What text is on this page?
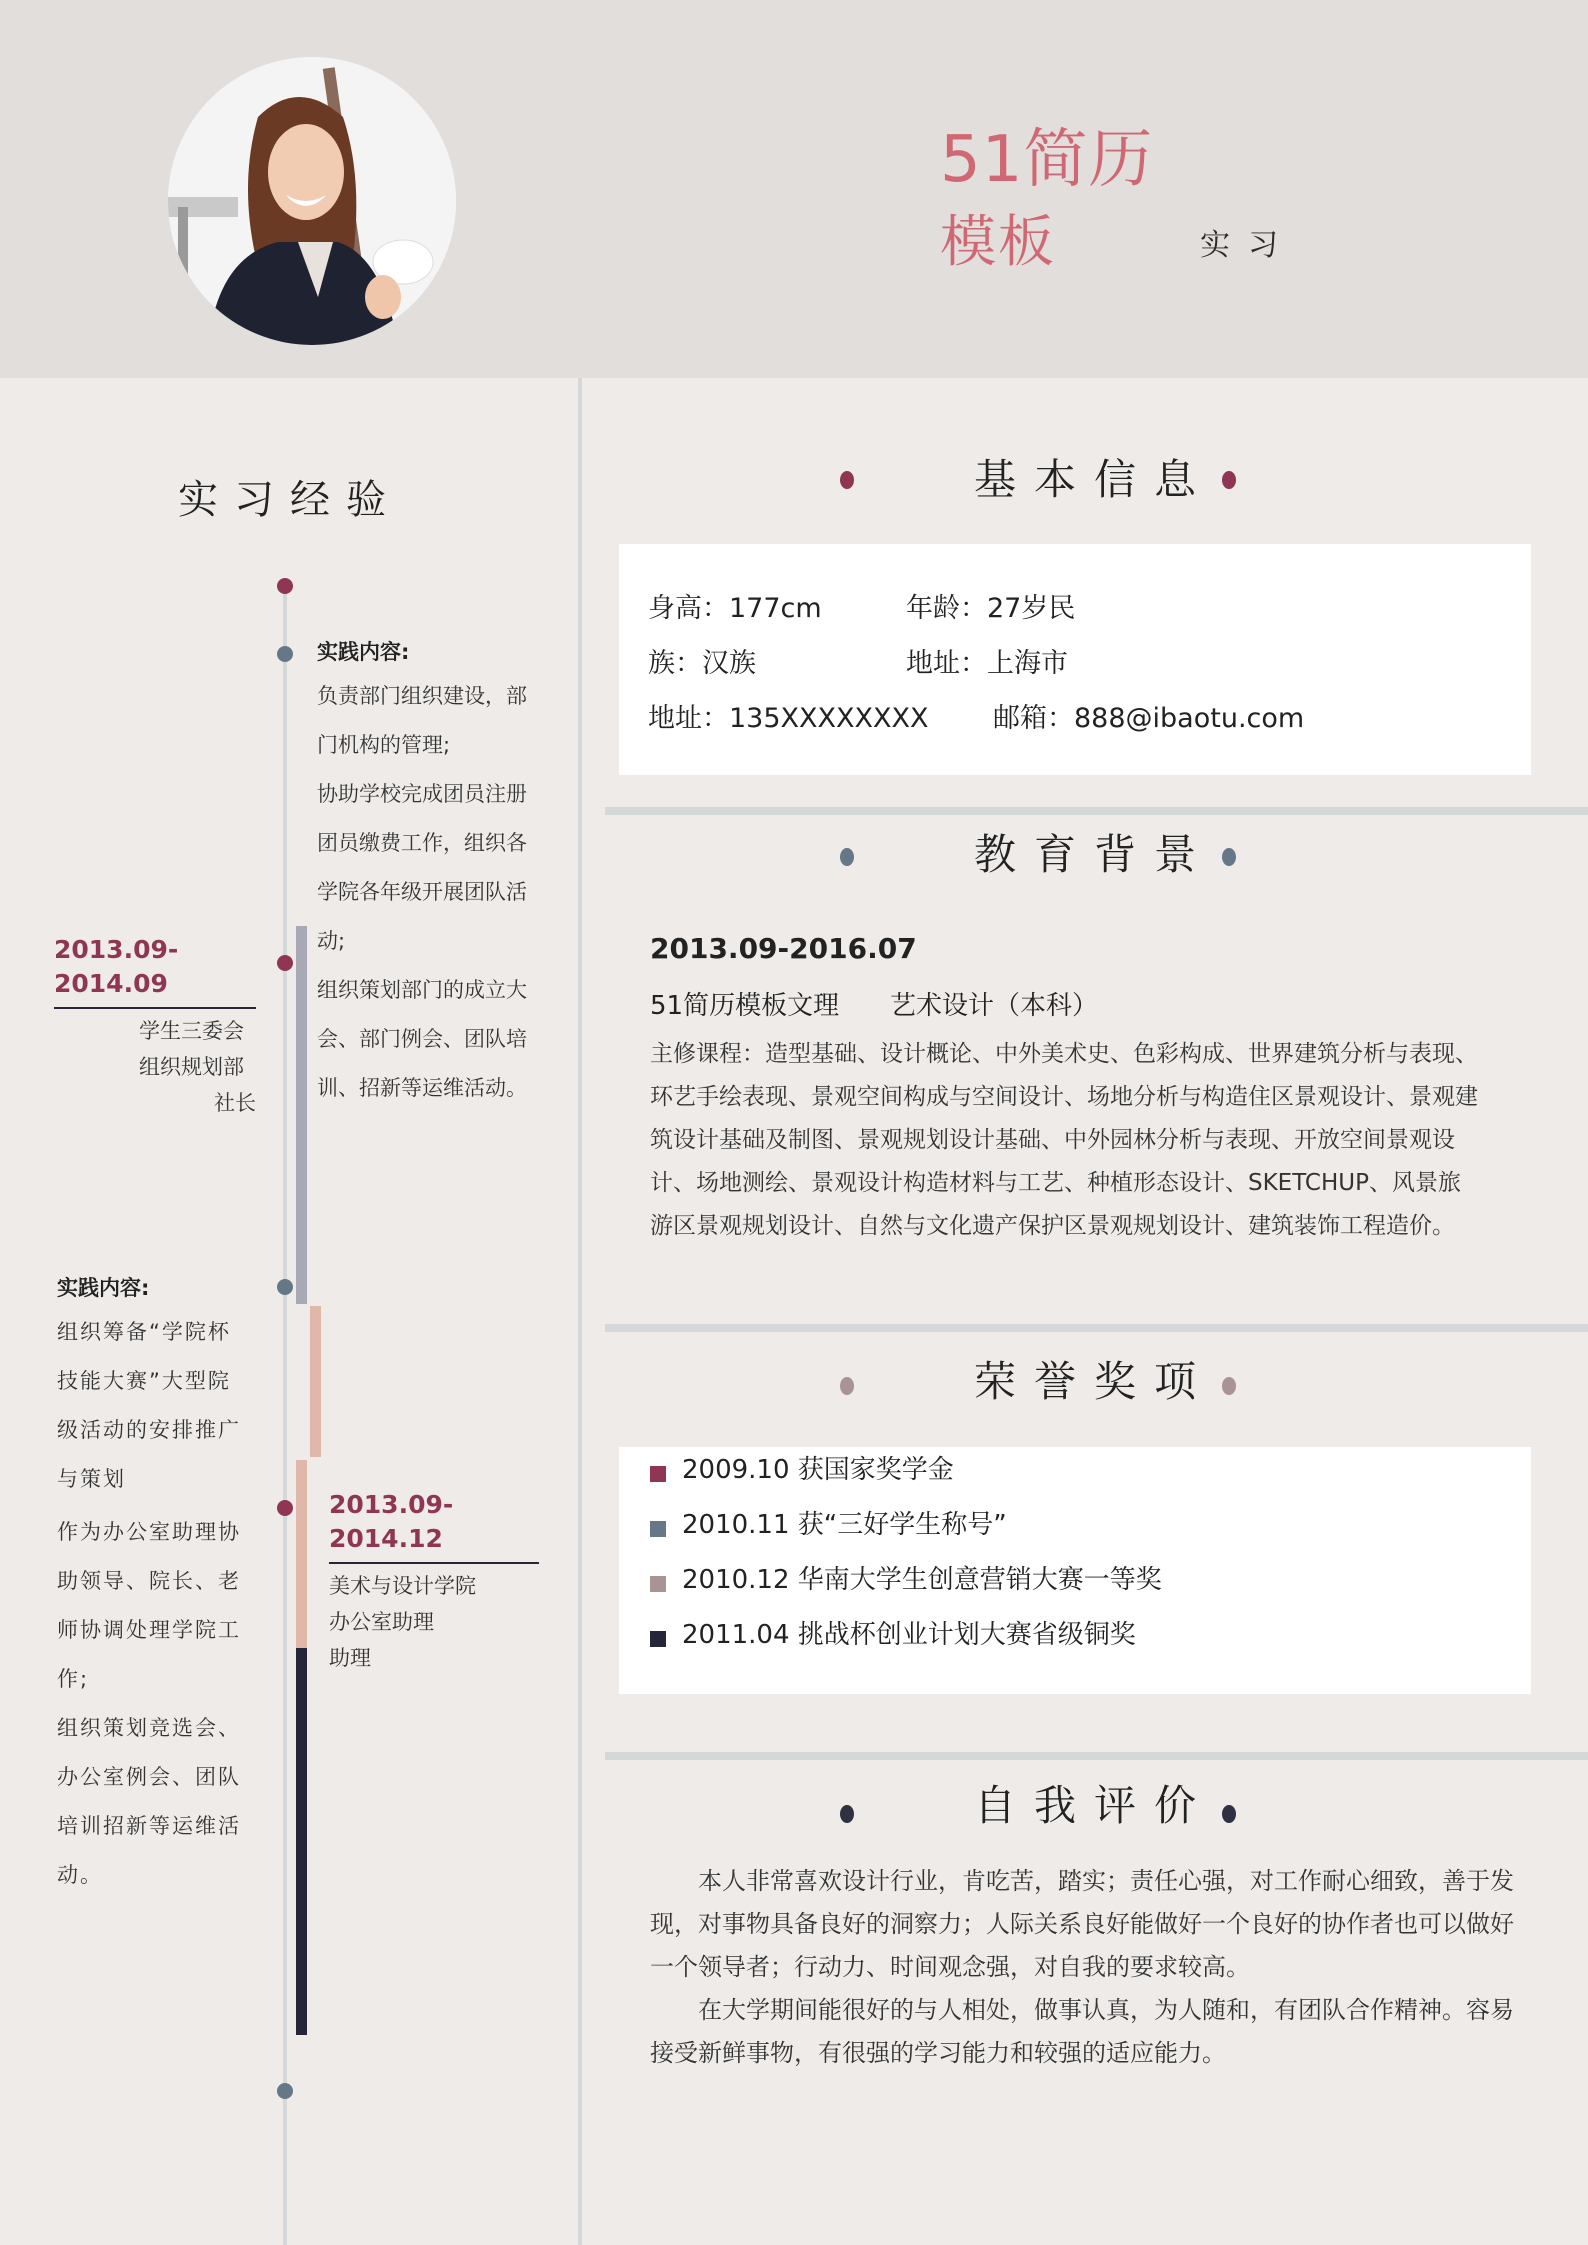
51简历
模板	实习
实习经验
实践内容:
负责部门组织建设，部
门机构的管理;
协助学校完成团员注册
团员缴费工作，组织各
学院各年级开展团队活
动;
组织策划部门的成立大
会、部门例会、团队培
训、招新等运维活动。
2013.09-2014.09
学生三委会
组织规划部
社长
实践内容:
组织筹备“学院杯
技能大赛”大型院
级活动的安排推广
与策划
作为办公室助理协
助领导、院长、老
师协调处理学院工
作;
组织策划竞选会、
办公室例会、团队
培训招新等运维活
动。
2013.09-2014.12
美术与设计学院
办公室助理
助理
基本信息
身高：177cm	年龄：27岁民
族：汉族	地址：上海市
地址：135XXXXXXXX 邮箱：888@ibaotu.com
教育背景
2013.09-2016.07
51简历模板文理 艺术设计（本科）
主修课程：造型基础、设计概论、中外美术史、色彩构成、世界建筑分析与表现、环艺手绘表现、景观空间构成与空间设计、场地分析与构造住区景观设计、景观建筑设计基础及制图、景观规划设计基础、中外园林分析与表现、开放空间景观设计、场地测绘、景观设计构造材料与工艺、种植形态设计、SKETCHUP、风景旅游区景观规划设计、自然与文化遗产保护区景观规划设计、建筑装饰工程造价。
荣誉奖项
2009.10 获国家奖学金
2010.11 获“三好学生称号”
2010.12 华南大学生创意营销大赛一等奖
2011.04 挑战杯创业计划大赛省级铜奖
自我评价

本人非常喜欢设计行业，肯吃苦，踏实；责任心强，对工作耐心细致，善于发现，对事物具备良好的洞察力；人际关系良好能做好一个良好的协作者也可以做好一个领导者；行动力、时间观念强，对自我的要求较高。

在大学期间能很好的与人相处，做事认真，为人随和，有团队合作精神。容易接受新鲜事物，有很强的学习能力和较强的适应能力。
